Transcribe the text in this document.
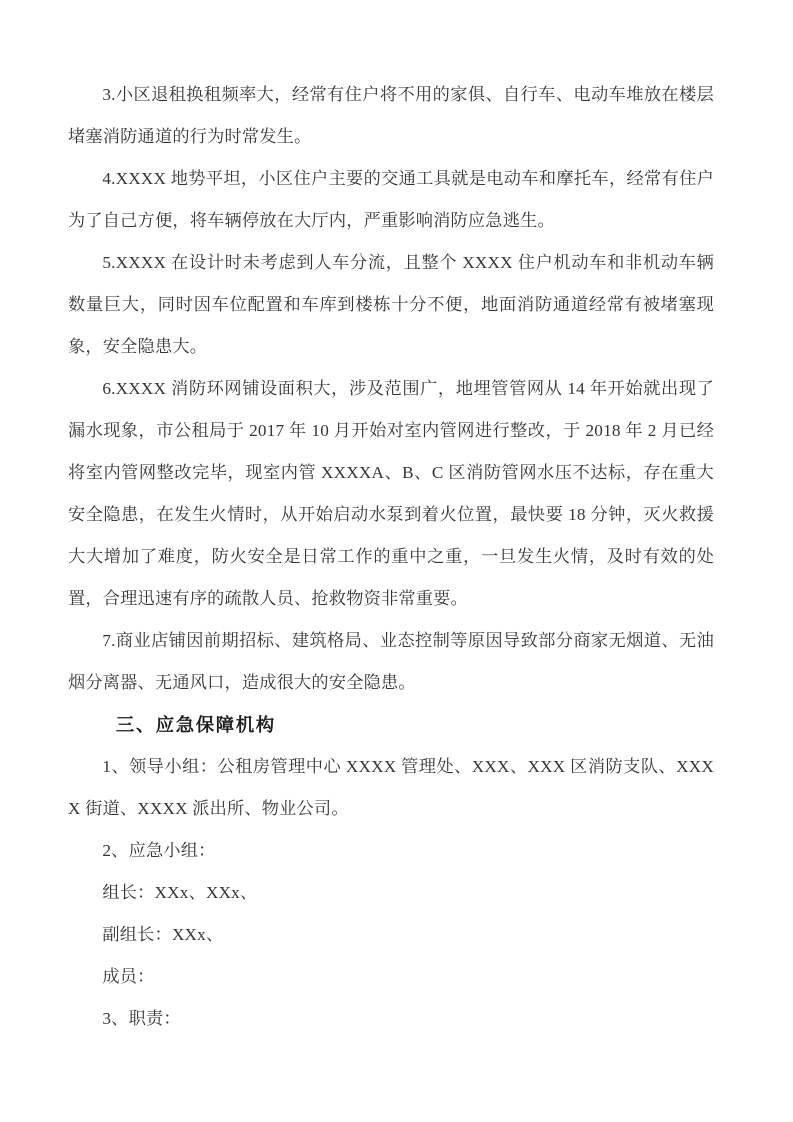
3.小区退租换租频率大，经常有住户将不用的家俱、自行车、电动车堆放在楼层堵塞消防通道的行为时常发生。

4.XXXX 地势平坦，小区住户主要的交通工具就是电动车和摩托车，经常有住户为了自己方便，将车辆停放在大厅内，严重影响消防应急逃生。

5.XXXX 在设计时未考虑到人车分流，且整个 XXXX 住户机动车和非机动车辆数量巨大，同时因车位配置和车库到楼栋十分不便，地面消防通道经常有被堵塞现象，安全隐患大。

6.XXXX 消防环网铺设面积大，涉及范围广，地埋管管网从 14 年开始就出现了漏水现象，市公租局于 2017 年 10 月开始对室内管网进行整改，于 2018 年 2 月已经将室内管网整改完毕，现室内管 XXXXA、B、C 区消防管网水压不达标，存在重大安全隐患，在发生火情时，从开始启动水泵到着火位置，最快要 18 分钟，灭火救援大大增加了难度，防火安全是日常工作的重中之重，一旦发生火情，及时有效的处置，合理迅速有序的疏散人员、抢救物资非常重要。

7.商业店铺因前期招标、建筑格局、业态控制等原因导致部分商家无烟道、无油烟分离器、无通风口，造成很大的安全隐患。

三、应急保障机构

1、领导小组：公租房管理中心 XXXX 管理处、XXX、XXX 区消防支队、XXXX 街道、XXXX 派出所、物业公司。

2、应急小组：

组长：XXx、XXx、

副组长：XXx、

成员：

3、职责：
